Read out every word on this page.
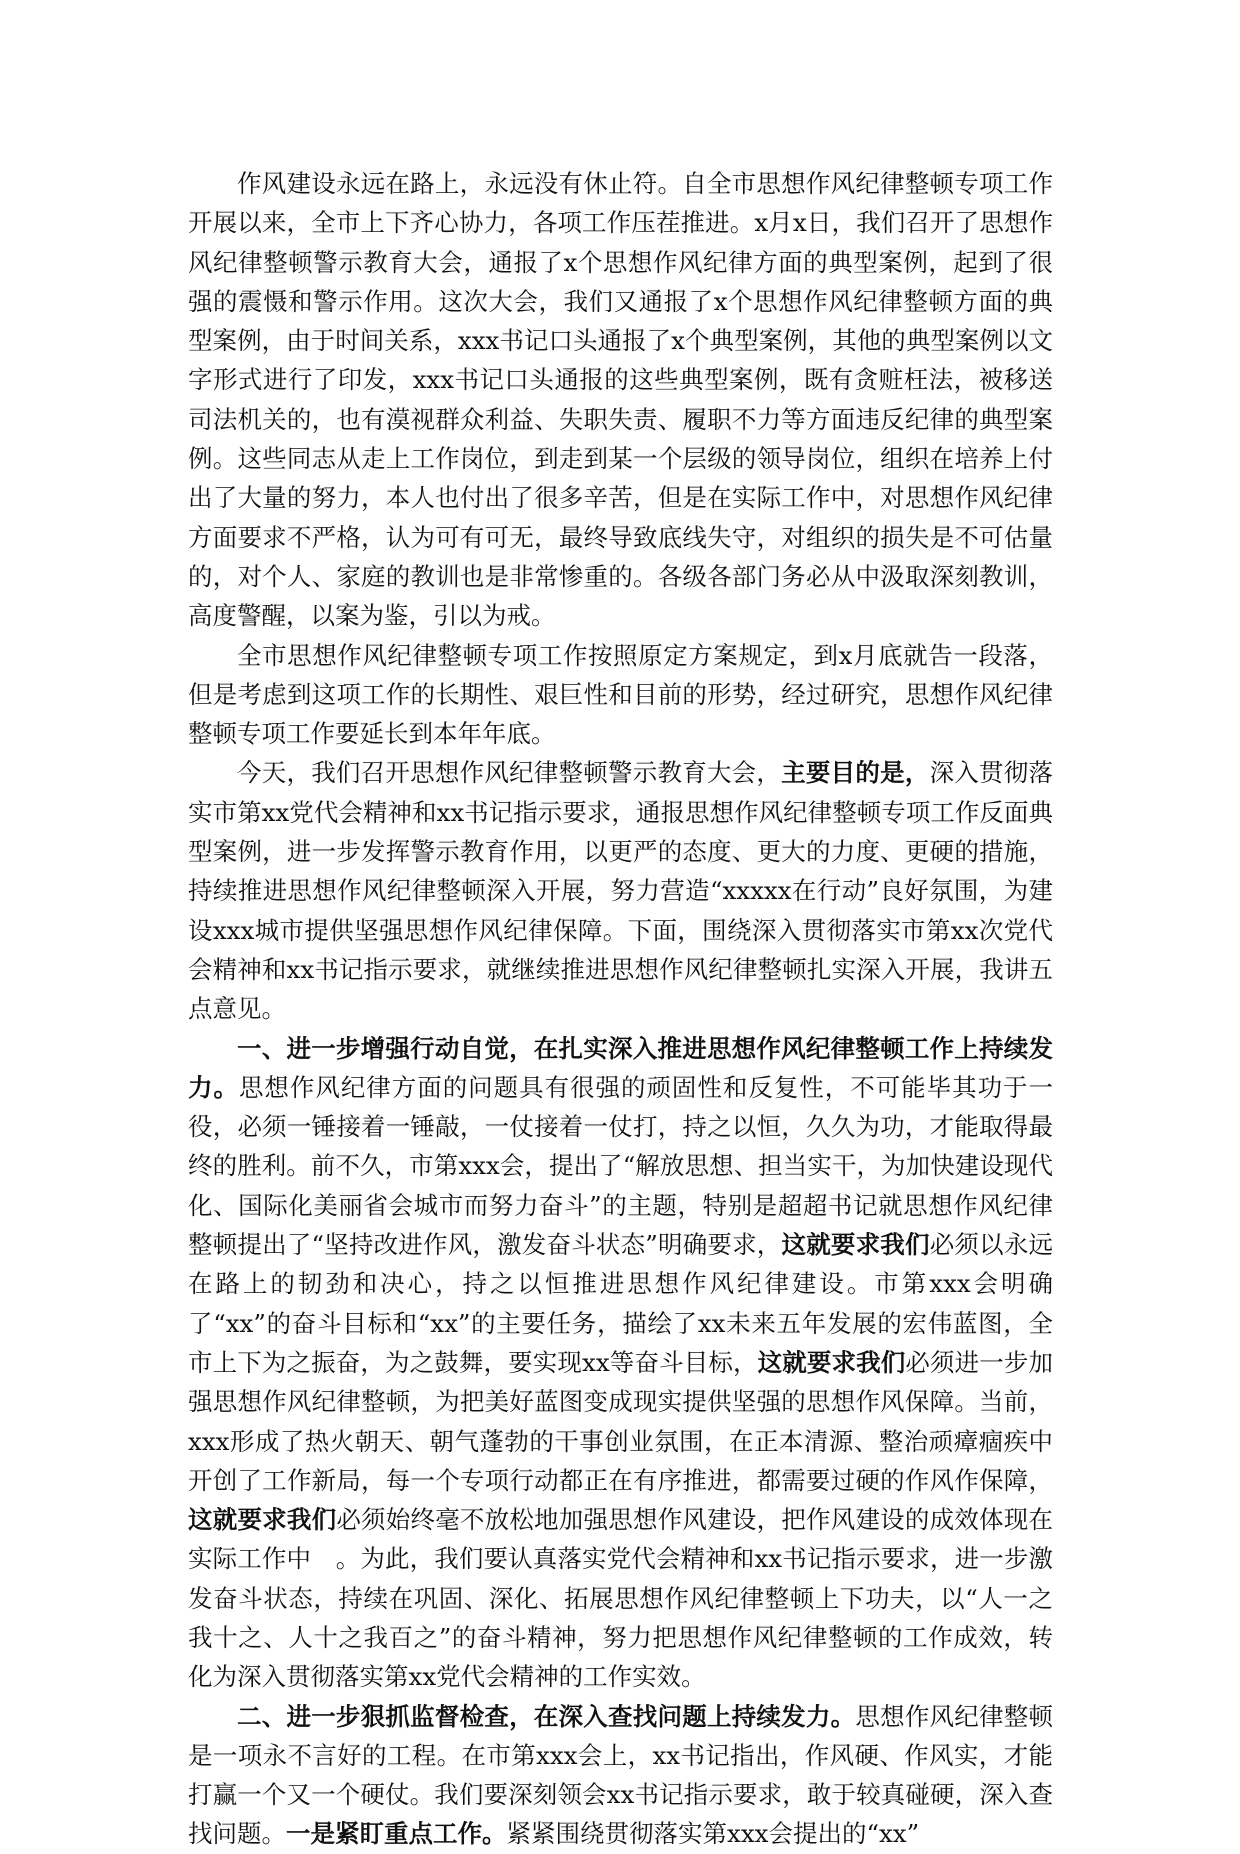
作风建设永远在路上，永远没有休止符。自全市思想作风纪律整顿专项工作开展以来，全市上下齐心协力，各项工作压茬推进。x月x日，我们召开了思想作风纪律整顿警示教育大会，通报了x个思想作风纪律方面的典型案例，起到了很强的震慑和警示作用。这次大会，我们又通报了x个思想作风纪律整顿方面的典型案例，由于时间关系，xxx书记口头通报了x个典型案例，其他的典型案例以文字形式进行了印发，xxx书记口头通报的这些典型案例，既有贪赃枉法，被移送司法机关的，也有漠视群众利益、失职失责、履职不力等方面违反纪律的典型案例。这些同志从走上工作岗位，到走到某一个层级的领导岗位，组织在培养上付出了大量的努力，本人也付出了很多辛苦，但是在实际工作中，对思想作风纪律方面要求不严格，认为可有可无，最终导致底线失守，对组织的损失是不可估量的，对个人、家庭的教训也是非常惨重的。各级各部门务必从中汲取深刻教训，高度警醒，以案为鉴，引以为戒。

全市思想作风纪律整顿专项工作按照原定方案规定，到x月底就告一段落，但是考虑到这项工作的长期性、艰巨性和目前的形势，经过研究，思想作风纪律整顿专项工作要延长到本年年底。

今天，我们召开思想作风纪律整顿警示教育大会，主要目的是，深入贯彻落实市第xx党代会精神和xx书记指示要求，通报思想作风纪律整顿专项工作反面典型案例，进一步发挥警示教育作用，以更严的态度、更大的力度、更硬的措施，持续推进思想作风纪律整顿深入开展，努力营造“xxxxx在行动”良好氛围，为建设xxx城市提供坚强思想作风纪律保障。下面，围绕深入贯彻落实市第xx次党代会精神和xx书记指示要求，就继续推进思想作风纪律整顿扎实深入开展，我讲五点意见。

一、进一步增强行动自觉，在扎实深入推进思想作风纪律整顿工作上持续发力。思想作风纪律方面的问题具有很强的顽固性和反复性，不可能毕其功于一役，必须一锤接着一锤敲，一仗接着一仗打，持之以恒，久久为功，才能取得最终的胜利。前不久，市第xxx会，提出了“解放思想、担当实干，为加快建设现代化、国际化美丽省会城市而努力奋斗”的主题，特别是超超书记就思想作风纪律整顿提出了“坚持改进作风，激发奋斗状态”明确要求，这就要求我们必须以永远在路上的韧劲和决心，持之以恒推进思想作风纪律建设。市第xxx会明确了“xx”的奋斗目标和“xx”的主要任务，描绘了xx未来五年发展的宏伟蓝图，全市上下为之振奋，为之鼓舞，要实现xx等奋斗目标，这就要求我们必须进一步加强思想作风纪律整顿，为把美好蓝图变成现实提供坚强的思想作风保障。当前，xxx形成了热火朝天、朝气蓬勃的干事创业氛围，在正本清源、整治顽瘴痼疾中开创了工作新局，每一个专项行动都正在有序推进，都需要过硬的作风作保障，这就要求我们必须始终毫不放松地加强思想作风建设，把作风建设的成效体现在实际工作中　。为此，我们要认真落实党代会精神和xx书记指示要求，进一步激发奋斗状态，持续在巩固、深化、拓展思想作风纪律整顿上下功夫，以“人一之我十之、人十之我百之”的奋斗精神，努力把思想作风纪律整顿的工作成效，转化为深入贯彻落实第xx党代会精神的工作实效。

二、进一步狠抓监督检查，在深入查找问题上持续发力。思想作风纪律整顿是一项永不言好的工程。在市第xxx会上，xx书记指出，作风硬、作风实，才能打赢一个又一个硬仗。我们要深刻领会xx书记指示要求，敢于较真碰硬，深入查找问题。一是紧盯重点工作。紧紧围绕贯彻落实第xxx会提出的“xx”
